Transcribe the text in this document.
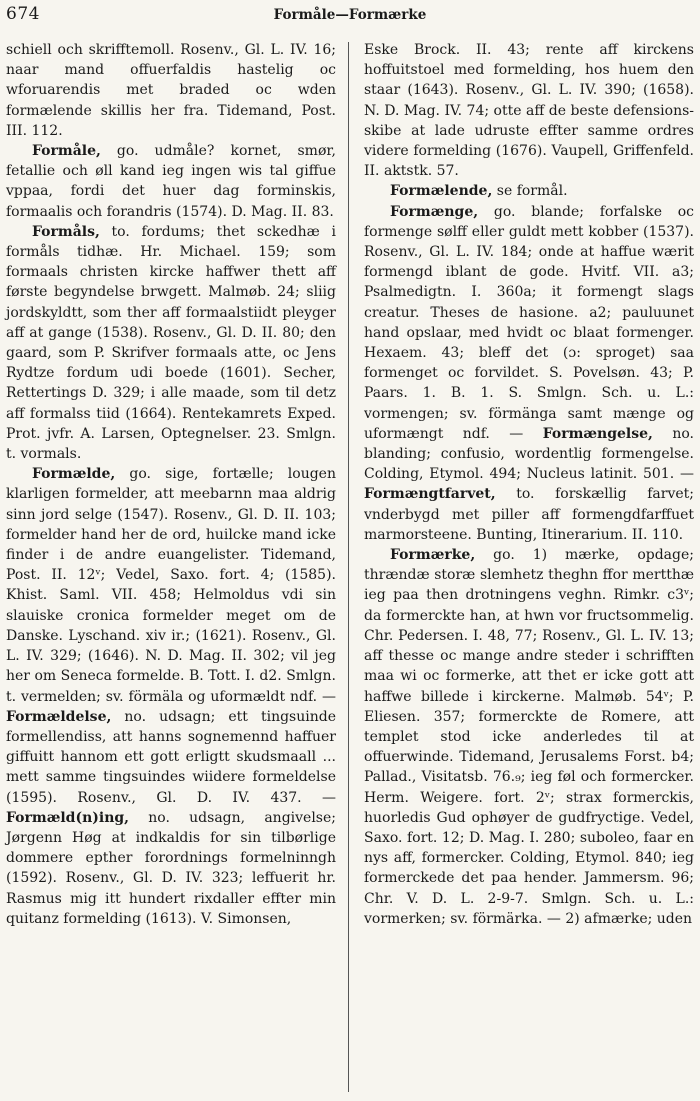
674	Formåle—Formærke

schiell och skrifftemoll. Rosenv., Gl. L. IV. 16; naar mand offuerfaldis hastelig oc wforuarendis met braded oc wden formælende skillis her fra. Tidemand, Post. III. 112.

Formåle, go. udmåle? kornet, smør, fetallie och øll kand ieg ingen wis tal giffue vppaa, fordi det huer dag forminskis, formaalis och forandris (1574). D. Mag. II. 83.

Formåls, to. fordums; thet sckedhæ i formåls tidhæ. Hr. Michael. 159; som formaals christen kircke haffwer thett aff første begyndelse brwgett. Malmøb. 24; sliig jordskyldtt, som ther aff formaalstiidt pleyger aff at gange (1538). Rosenv., Gl. D. II. 80; den gaard, som P. Skrifver formaals atte, oc Jens Rydtze fordum udi boede (1601). Secher, Rettertings D. 329; i alle maade, som til detz aff formalss tiid (1664). Rentekamrets Exped. Prot. jvfr. A. Larsen, Optegnelser. 23. Smlgn. t. vormals.

Formælde, go. sige, fortælle; lougen klarligen formelder, att meebarnn maa aldrig sinn jord selge (1547). Rosenv., Gl. D. II. 103; formelder hand her de ord, huilcke mand icke finder i de andre euangelister. Tidemand, Post. II. 12ᵛ; Vedel, Saxo. fort. 4; (1585). Khist. Saml. VII. 458; Helmoldus vdi sin slauiske cronica formelder meget om de Danske. Lyschand. xiv ir.; (1621). Rosenv., Gl. L. IV. 329; (1646). N. D. Mag. II. 302; vil jeg her om Seneca formelde. B. Tott. I. d2. Smlgn. t. vermelden; sv. förmäla og uformældt ndf. — Formældelse, no. udsagn; ett tingsuinde formellendiss, att hanns sognemennd haffuer giffuitt hannom ett gott erligtt skudsmaall ... mett samme tingsuindes wiidere formeldelse (1595). Rosenv., Gl. D. IV. 437. — Formæld(n)ing, no. udsagn, angivelse; Jørgenn Høg at indkaldis for sin tilbørlige dommere epther forordnings formelninngh (1592). Rosenv., Gl. D. IV. 323; leffuerit hr. Rasmus mig itt hundert rixdaller effter min quitanz formelding (1613). V. Simonsen,

Eske Brock. II. 43; rente aff kirckens hoffuitstoel med formelding, hos huem den staar (1643). Rosenv., Gl. L. IV. 390; (1658). N. D. Mag. IV. 74; otte aff de beste defensions-skibe at lade udruste effter samme ordres videre formelding (1676). Vaupell, Griffenfeld. II. aktstk. 57.

Formælende, se formål.

Formænge, go. blande; forfalske oc formenge sølff eller guldt mett kobber (1537). Rosenv., Gl. L. IV. 184; onde at haffue wærit formengd iblant de gode. Hvitf. VII. a3; Psalmedigtn. I. 360a; it formengt slags creatur. Theses de hasione. a2; pauluunet hand opslaar, med hvidt oc blaat formenger. Hexaem. 43; bleff det (ɔ: sproget) saa formenget oc forvildet. S. Povelsøn. 43; P. Paars. 1. B. 1. S. Smlgn. Sch. u. L.: vormengen; sv. förmänga samt mænge og uformængt ndf. — Formængelse, no. blanding; confusio, wordentlig formengelse. Colding, Etymol. 494; Nucleus latinit. 501. — Formængtfarvet, to. forskællig farvet; vnderbygd met piller aff formengdfarffuet marmorsteene. Bunting, Itinerarium. II. 110.

Formærke, go. 1) mærke, opdage; thrændæ storæ slemhetz theghn ffor mertthæ ieg paa then drotningens veghn. Rimkr. c3ᵛ; da formerckte han, at hwn vor fructsommelig. Chr. Pedersen. I. 48, 77; Rosenv., Gl. L. IV. 13; aff thesse oc mange andre steder i schrifften maa wi oc formerke, att thet er icke gott att haffwe billede i kirckerne. Malmøb. 54ᵛ; P. Eliesen. 357; formerckte de Romere, att templet stod icke anderledes til at offuerwinde. Tidemand, Jerusalems Forst. b4; Pallad., Visitatsb. 76.₉; ieg føl och formercker. Herm. Weigere. fort. 2ᵛ; strax formerckis, huorledis Gud ophøyer de gudfryctige. Vedel, Saxo. fort. 12; D. Mag. I. 280; suboleo, faar en nys aff, formercker. Colding, Etymol. 840; ieg formerckede det paa hender. Jammersm. 96; Chr. V. D. L. 2-9-7. Smlgn. Sch. u. L.: vormerken; sv. förmärka. — 2) afmærke; uden
